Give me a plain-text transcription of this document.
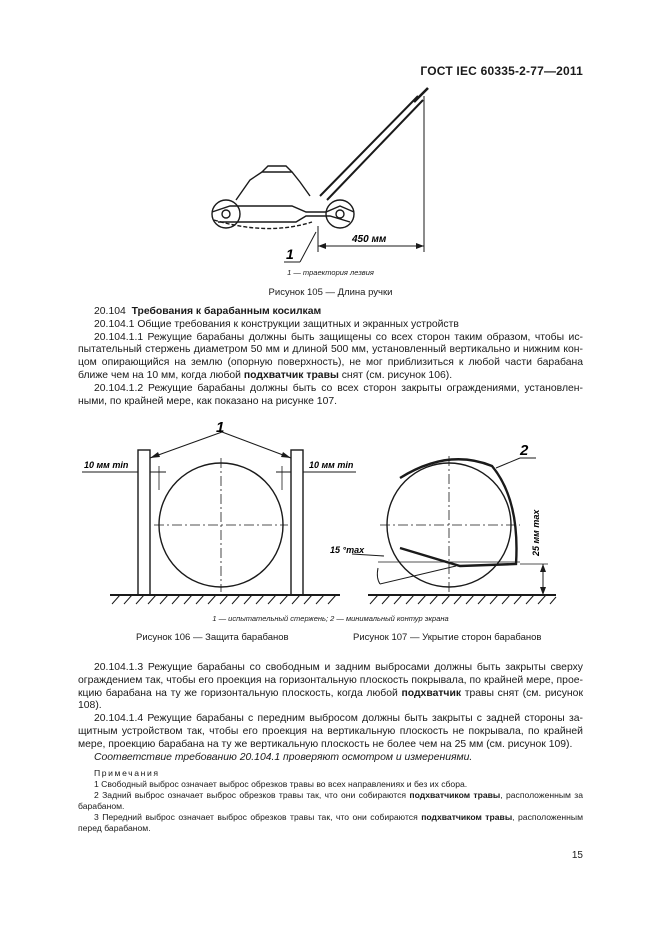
ГОСТ IEC 60335-2-77—2011
1
450 мм
1
10 мм min	10 мм min
2
15 °max	25 мм max
1 — траектория лезвия
Рисунок 105 — Длина ручки

20.104 Требования к барабанным косилкам

20.104.1 Общие требования к конструкции защитных и экранных устройств

20.104.1.1 Режущие барабаны должны быть защищены со всех сторон таким образом, чтобы испытательный стержень диаметром 50 мм и длиной 500 мм, установленный вертикально и нижним концом опирающийся на землю (опорную поверхность), не мог приблизиться к любой части барабана ближе чем на 10 мм, когда любой подхватчик травы снят (см. рисунок 106).

20.104.1.2 Режущие барабаны должны быть со всех сторон закрыты ограждениями, установленными, по крайней мере, как показано на рисунке 107.

1 — испытательный стержень; 2 — минимальный контур экрана
Рисунок 106 — Защита барабанов	Рисунок 107 — Укрытие сторон барабанов

20.104.1.3 Режущие барабаны со свободным и задним выбросами должны быть закрыты сверху ограждением так, чтобы его проекция на горизонтальную плоскость покрывала, по крайней мере, проекцию барабана на ту же горизонтальную плоскость, когда любой подхватчик травы снят (см. рисунок 108).

20.104.1.4 Режущие барабаны с передним выбросом должны быть закрыты с задней стороны защитным устройством так, чтобы его проекция на вертикальную плоскость не покрывала, по крайней мере, проекцию барабана на ту же вертикальную плоскость не более чем на 25 мм (см. рисунок 109).

Соответствие требованию 20.104.1 проверяют осмотром и измерениями.

Примечания

1 Свободный выброс означает выброс обрезков травы во всех направлениях и без их сбора.

2 Задний выброс означает выброс обрезков травы так, что они собираются подхватчиком травы, расположенным за барабаном.

3 Передний выброс означает выброс обрезков травы так, что они собираются подхватчиком травы, расположенным перед барабаном.

15
